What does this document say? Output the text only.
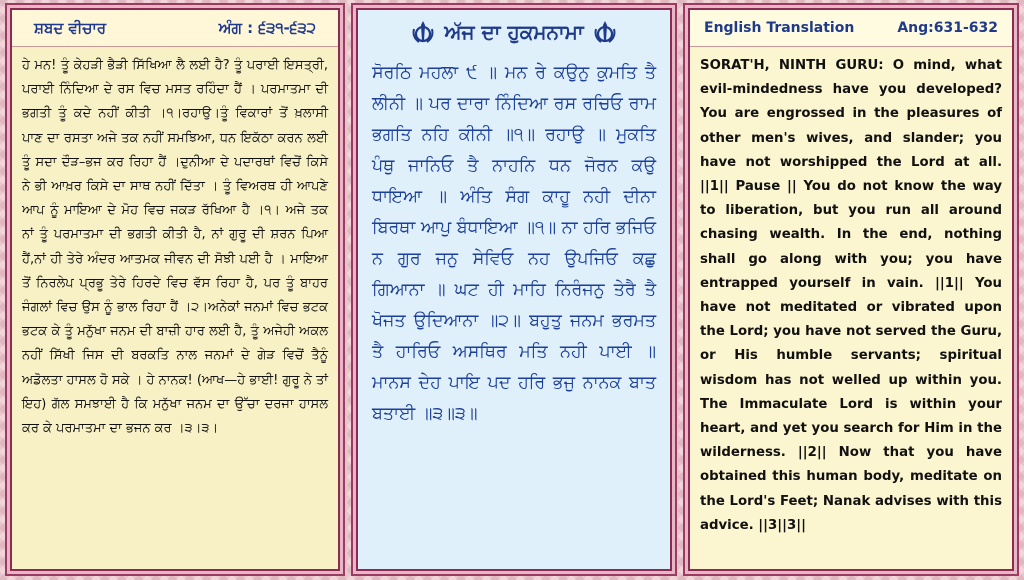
ਸ਼ਬਦ ਵੀਚਾਰ	ਅੰਗ : ੬੩੧-੬੩੨
ਹੇ ਮਨ! ਤੂੰ ਕੇਹੜੀ ਭੈੜੀ ਸਿੱਖਿਆ ਲੈ ਲਈ ਹੈ? ਤੂੰ ਪਰਾਈ ਇਸਤ੍ਰੀ, ਪਰਾਈ ਨਿੰਦਿਆ ਦੇ ਰਸ ਵਿਚ ਮਸਤ ਰਹਿੰਦਾ ਹੈਂ । ਪਰਮਾਤਮਾ ਦੀ ਭਗਤੀ ਤੂੰ ਕਦੇ ਨਹੀਂ ਕੀਤੀ ।੧।ਰਹਾਉ।ਤੂੰ ਵਿਕਾਰਾਂ ਤੋਂ ਖ਼ਲਾਸੀ ਪਾਣ ਦਾ ਰਸਤਾ ਅਜੇ ਤਕ ਨਹੀਂ ਸਮਝਿਆ, ਧਨ ਇਕੱਠਾ ਕਰਨ ਲਈ ਤੂੰ ਸਦਾ ਦੌੜ–ਭਜ ਕਰ ਰਿਹਾ ਹੈਂ ।ਦੁਨੀਆ ਦੇ ਪਦਾਰਥਾਂ ਵਿਚੋਂ ਕਿਸੇ ਨੇ ਭੀ ਆਖ਼ਰ ਕਿਸੇ ਦਾ ਸਾਥ ਨਹੀਂ ਦਿੱਤਾ । ਤੂੰ ਵਿਅਰਥ ਹੀ ਆਪਣੇ ਆਪ ਨੂੰ ਮਾਇਆ ਦੇ ਮੋਹ ਵਿਚ ਜਕੜ ਰੱਖਿਆ ਹੈ ।੧। ਅਜੇ ਤਕ ਨਾਂ ਤੂੰ ਪਰਮਾਤਮਾ ਦੀ ਭਗਤੀ ਕੀਤੀ ਹੈ, ਨਾਂ ਗੁਰੂ ਦੀ ਸ਼ਰਨ ਪਿਆ ਹੈਂ,ਨਾਂ ਹੀ ਤੇਰੇ ਅੰਦਰ ਆਤਮਕ ਜੀਵਨ ਦੀ ਸੋਝੀ ਪਈ ਹੈ । ਮਾਇਆ ਤੋਂ ਨਿਰਲੇਪ ਪ੍ਰਭੂ ਤੇਰੇ ਹਿਰਦੇ ਵਿਚ ਵੱਸ ਰਿਹਾ ਹੈ, ਪਰ ਤੂੰ ਬਾਹਰ ਜੰਗਲਾਂ ਵਿਚ ਉਸ ਨੂੰ ਭਾਲ ਰਿਹਾ ਹੈਂ ।੨।ਅਨੇਕਾਂ ਜਨਮਾਂ ਵਿਚ ਭਟਕ ਭਟਕ ਕੇ ਤੂੰ ਮਨੁੱਖਾ ਜਨਮ ਦੀ ਬਾਜ਼ੀ ਹਾਰ ਲਈ ਹੈ, ਤੂੰ ਅਜੇਹੀ ਅਕਲ ਨਹੀਂ ਸਿੱਖੀ ਜਿਸ ਦੀ ਬਰਕਤਿ ਨਾਲ ਜਨਮਾਂ ਦੇ ਗੇੜ ਵਿਚੋਂ ਤੈਨੂੰ ਅਡੋਲਤਾ ਹਾਸਲ ਹੋ ਸਕੇ । ਹੇ ਨਾਨਕ! (ਆਖ—ਹੇ ਭਾਈ! ਗੁਰੂ ਨੇ ਤਾਂ ਇਹ) ਗੱਲ ਸਮਝਾਈ ਹੈ ਕਿ ਮਨੁੱਖਾ ਜਨਮ ਦਾ ਉੱਚਾ ਦਰਜਾ ਹਾਸਲ ਕਰ ਕੇ ਪਰਮਾਤਮਾ ਦਾ ਭਜਨ ਕਰ ।੩।੩।
ਅੱਜ ਦਾ ਹੁਕਮਨਾਮਾ
ਸੋਰਠਿ ਮਹਲਾ ੯ ॥ ਮਨ ਰੇ ਕਉਨੁ ਕੁਮਤਿ ਤੈ ਲੀਨੀ ॥ ਪਰ ਦਾਰਾ ਨਿੰਦਿਆ ਰਸ ਰਚਿਓ ਰਾਮ ਭਗਤਿ ਨਹਿ ਕੀਨੀ ॥੧॥ ਰਹਾਉ ॥ ਮੁਕਤਿ ਪੰਥੁ ਜਾਨਿਓ ਤੈ ਨਾਹਨਿ ਧਨ ਜੋਰਨ ਕਉ ਧਾਇਆ ॥ ਅੰਤਿ ਸੰਗ ਕਾਹੂ ਨਹੀ ਦੀਨਾ ਬਿਰਥਾ ਆਪੁ ਬੰਧਾਇਆ ॥੧॥ ਨਾ ਹਰਿ ਭਜਿਓ ਨ ਗੁਰ ਜਨੁ ਸੇਵਿਓ ਨਹ ਉਪਜਿਓ ਕਛੁ ਗਿਆਨਾ ॥ ਘਟ ਹੀ ਮਾਹਿ ਨਿਰੰਜਨੁ ਤੇਰੈ ਤੈ ਖੋਜਤ ਉਦਿਆਨਾ ॥੨॥ ਬਹੁਤੁ ਜਨਮ ਭਰਮਤ ਤੈ ਹਾਰਿਓ ਅਸਥਿਰ ਮਤਿ ਨਹੀ ਪਾਈ ॥ ਮਾਨਸ ਦੇਹ ਪਾਇ ਪਦ ਹਰਿ ਭਜੁ ਨਾਨਕ ਬਾਤ ਬਤਾਈ ॥੩॥੩॥
English Translation	Ang:631-632
SORAT'H, NINTH GURU: O mind, what evil-mindedness have you developed? You are engrossed in the pleasures of other men's wives, and slander; you have not worshipped the Lord at all. ||1|| Pause || You do not know the way to liberation, but you run all around chasing wealth. In the end, nothing shall go along with you; you have entrapped yourself in vain. ||1|| You have not meditated or vibrated upon the Lord; you have not served the Guru, or His humble servants; spiritual wisdom has not welled up within you. The Immaculate Lord is within your heart, and yet you search for Him in the wilderness. ||2|| Now that you have obtained this human body, meditate on the Lord's Feet; Nanak advises with this advice. ||3||3||
